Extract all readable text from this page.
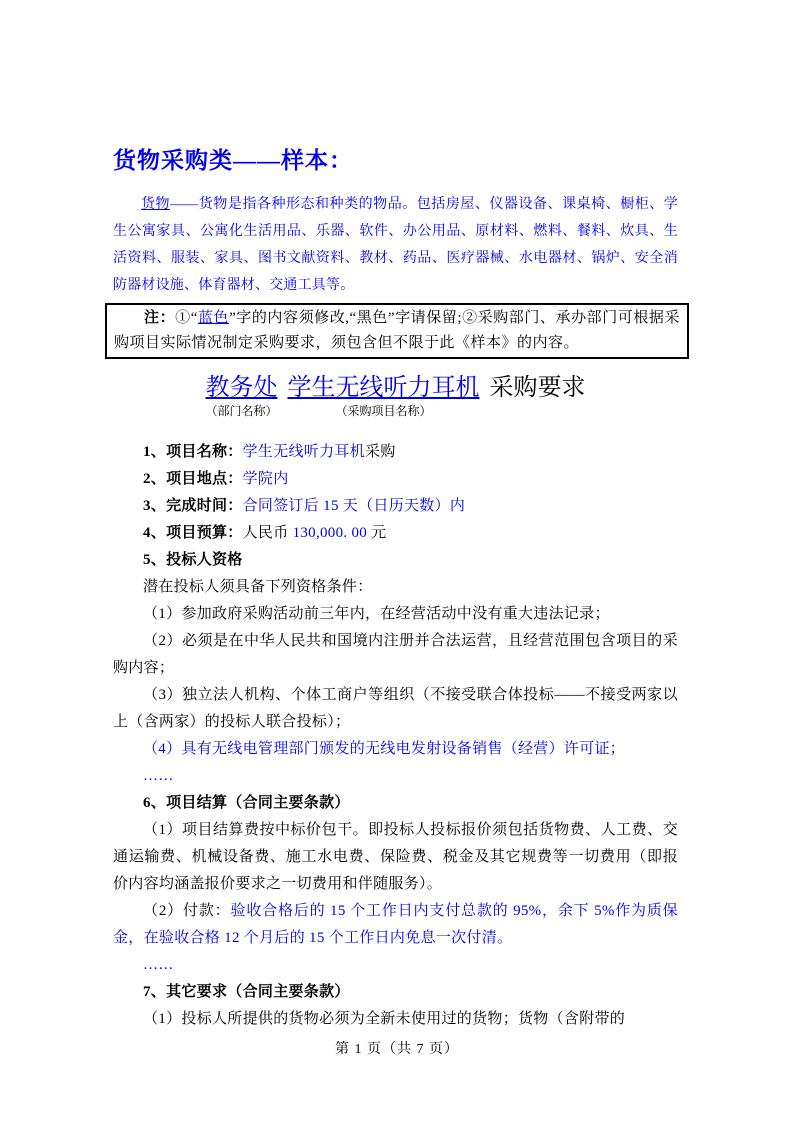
货物采购类——样本：

货物——货物是指各种形态和种类的物品。包括房屋、仪器设备、课桌椅、橱柜、学生公寓家具、公寓化生活用品、乐器、软件、办公用品、原材料、燃料、餐料、炊具、生活资料、服装、家具、图书文献资料、教材、药品、医疗器械、水电器材、锅炉、安全消防器材设施、体育器材、交通工具等。

注：①“蓝色”字的内容须修改,“黑色”字请保留;②采购部门、承办部门可根据采购项目实际情况制定采购要求，须包含但不限于此《样本》的内容。
教务处
（部门名称）
学生无线听力耳机
（采购项目名称）
采购要求

1、项目名称：学生无线听力耳机采购

2、项目地点：学院内

3、完成时间：合同签订后 15 天（日历天数）内

4、项目预算：人民币 130,000. 00 元

5、投标人资格

潜在投标人须具备下列资格条件：

（1）参加政府采购活动前三年内，在经营活动中没有重大违法记录；

（2）必须是在中华人民共和国境内注册并合法运营，且经营范围包含项目的采购内容；

（3）独立法人机构、个体工商户等组织（不接受联合体投标——不接受两家以上（含两家）的投标人联合投标）；

（4）具有无线电管理部门颁发的无线电发射设备销售（经营）许可证；

……

6、项目结算（合同主要条款）

（1）项目结算费按中标价包干。即投标人投标报价须包括货物费、人工费、交通运输费、机械设备费、施工水电费、保险费、税金及其它规费等一切费用（即报价内容均涵盖报价要求之一切费用和伴随服务）。

（2）付款：验收合格后的 15 个工作日内支付总款的 95%，余下 5%作为质保金，在验收合格 12 个月后的 15 个工作日内免息一次付清。

……

7、其它要求（合同主要条款）

（1）投标人所提供的货物必须为全新未使用过的货物；货物（含附带的

第 1 页（共 7 页）
